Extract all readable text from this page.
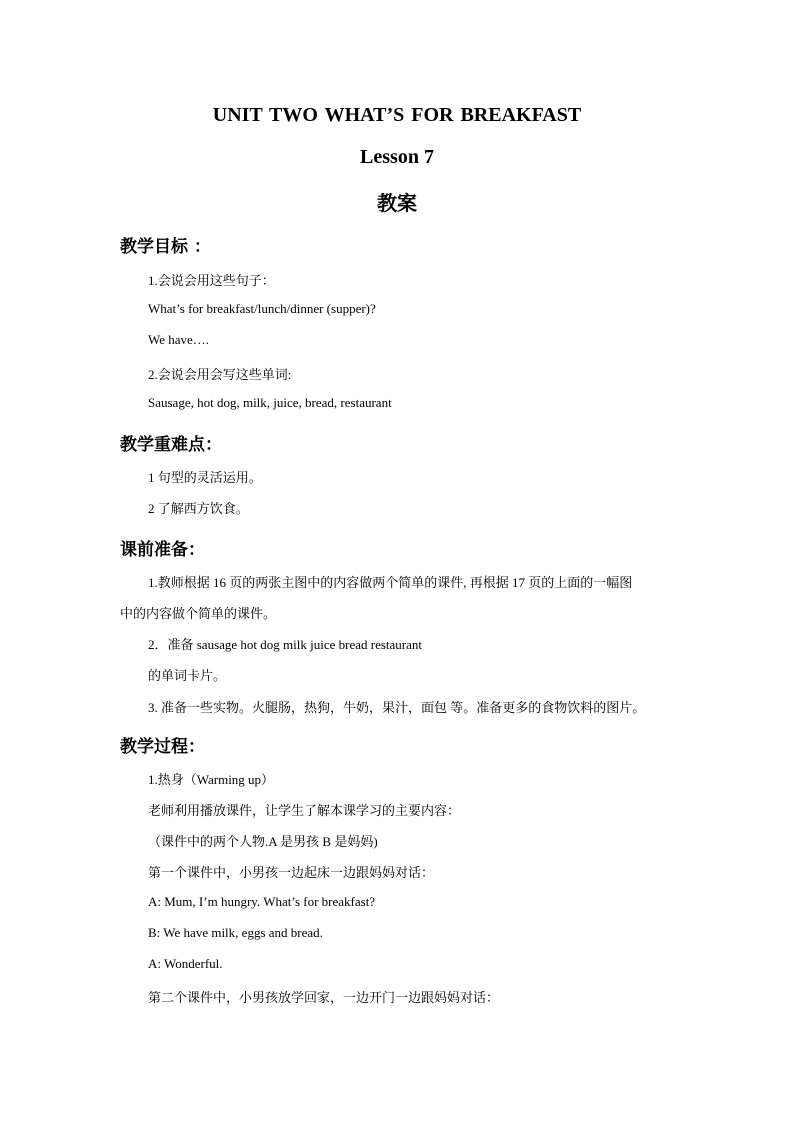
UNIT TWO WHAT’S FOR BREAKFAST
Lesson 7
教案
教学目标 ：
1.会说会用这些句子：
What’s for breakfast/lunch/dinner (supper)?
We have….
2.会说会用会写这些单词:
Sausage, hot dog, milk, juice, bread, restaurant
教学重难点：
1 句型的灵活运用。
2 了解西方饮食。
课前准备：
1.教师根据 16 页的两张主图中的内容做两个简单的课件, 再根据 17 页的上面的一幅图
中的内容做个简单的课件。
2．准备 sausage hot dog milk juice bread restaurant
的单词卡片。
3. 准备一些实物。火腿肠，热狗，牛奶，果汁，面包 等。准备更多的食物饮料的图片。
教学过程：
1.热身（Warming up）
老师利用播放课件，让学生了解本课学习的主要内容：
（课件中的两个人物.A 是男孩 B 是妈妈)
第一个课件中，小男孩一边起床一边跟妈妈对话：
A: Mum, I’m hungry. What’s for breakfast?
B: We have milk, eggs and bread.
A: Wonderful.
第二个课件中，小男孩放学回家，一边开门一边跟妈妈对话：
